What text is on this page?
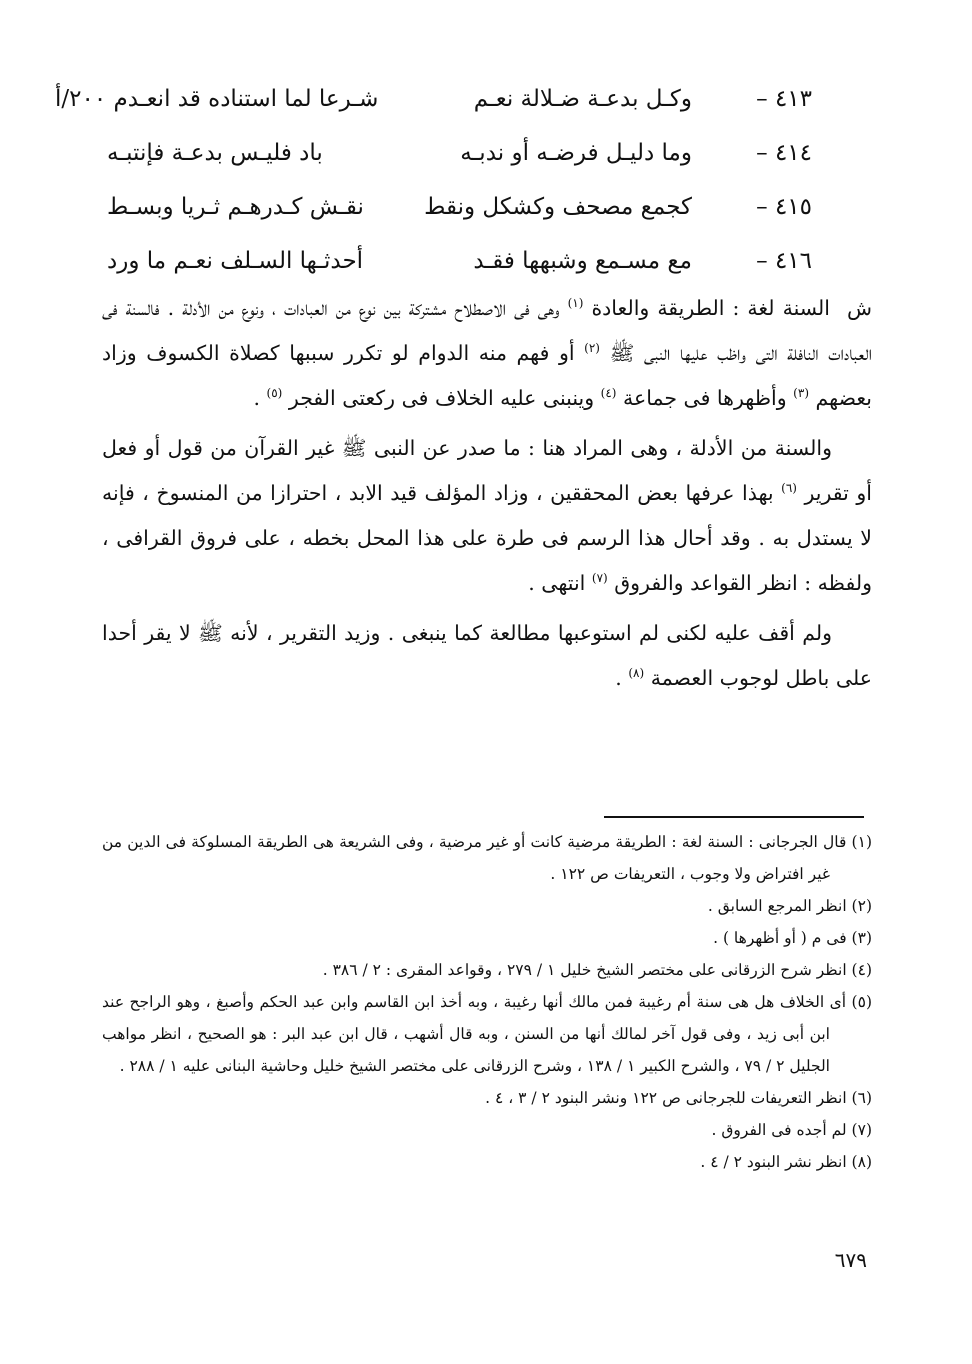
٤١٣ –
وكـل بدعـة ضـلالة نعـم
شـرعا لما استناده قد انعـدم ٢٠٠/أ
٤١٤ –
وما دليـل فرضـه أو ندبـه
باد فليـس بدعـة فإنتبـه
٤١٥ –
كجمع مصحف وكشكل ونقط
نقـش كـدرهـم ثـريا وبسـط
٤١٦ –
مع مسـمع وشبهها فقـد
أحدثـها السـلف نعـم ما ورد

شالسنة لغة : الطريقة والعادة $^{(١)}$ وهى فى الاصطلاح مشتركة بين نوع من العبادات ، ونوع من الأدلة . فالسنة فى العبادات النافلة التى واظب عليها النبى ﷺ $^{(٢)}$ أو فهم منه الدوام لو تكرر سببها كصلاة الكسوف وزاد بعضهم $^{(٣)}$ وأظهرها فى جماعة $^{(٤)}$ وينبنى عليه الخلاف فى ركعتى الفجر $^{(٥)}$ .

والسنة من الأدلة ، وهى المراد هنا : ما صدر عن النبى ﷺ غير القرآن من قول أو فعل أو تقرير $^{(٦)}$ بهذا عرفها بعض المحققين ، وزاد المؤلف قيد الابد ، احترازا من المنسوخ ، فإنه لا يستدل به . وقد أحال هذا الرسم فى طرة على هذا المحل بخطه ، على فروق القرافى ، ولفظه : انظر القواعد والفروق $^{(٧)}$ انتهى .

ولم أقف عليه لكنى لم استوعبها مطالعة كما ينبغى . وزيد التقرير ، لأنه ﷺ لا يقر أحدا على باطل لوجوب العصمة $^{(٨)}$ .

(١) قال الجرجانى : السنة لغة : الطريقة مرضية كانت أو غير مرضية ، وفى الشريعة هى الطريقة المسلوكة فى الدين من غير افتراض ولا وجوب ، التعريفات ص ١٢٢ .

(٢) انظر المرجع السابق .

(٣) فى م ( أو أظهرها ) .

(٤) انظر شرح الزرقانى على مختصر الشيخ خليل ١ / ٢٧٩ ، وقواعد المقرى : ٢ / ٣٨٦ .

(٥) أى الخلاف هل هى سنة أم رغيبة فمن مالك أنها رغيبة ، وبه أخذ ابن القاسم وابن عبد الحكم وأصبغ ، وهو الراجح عند ابن أبى زيد ، وفى قول آخر لمالك أنها من السنن ، وبه قال أشهب ، قال ابن عبد البر : هو الصحيح ، انظر مواهب الجليل ٢ / ٧٩ ، والشرح الكبير ١ / ١٣٨ ، وشرح الزرقانى على مختصر الشيخ خليل وحاشية البنانى عليه ١ / ٢٨٨ .

(٦) انظر التعريفات للجرجانى ص ١٢٢ ونشر البنود ٢ / ٣ ، ٤ .

(٧) لم أجده فى الفروق .

(٨) انظر نشر البنود ٢ / ٤ .

٦٧٩
